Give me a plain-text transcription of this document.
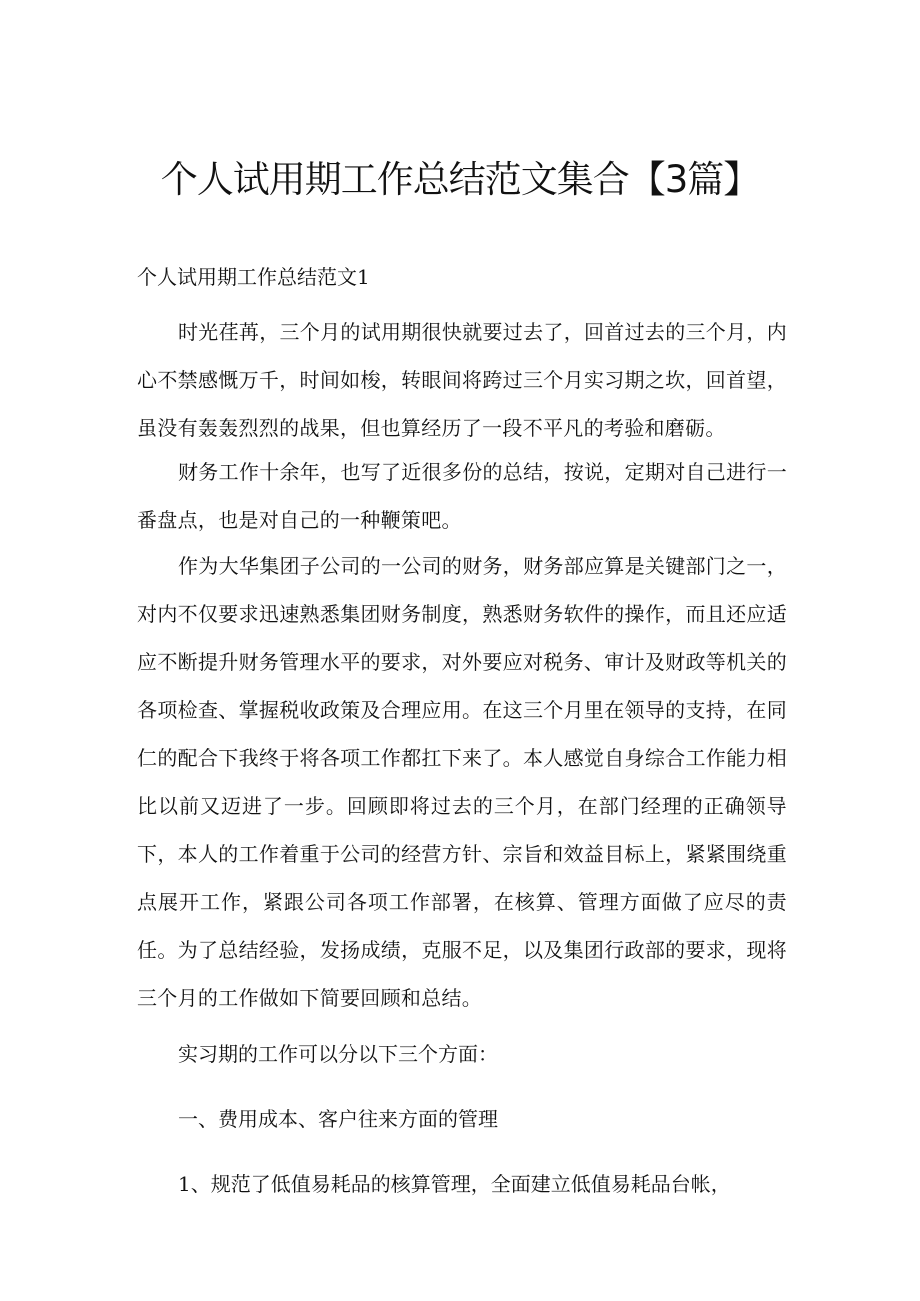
个人试用期工作总结范文集合【3篇】

个人试用期工作总结范文1

时光荏苒，三个月的试用期很快就要过去了，回首过去的三个月，内心不禁感慨万千，时间如梭，转眼间将跨过三个月实习期之坎，回首望，虽没有轰轰烈烈的战果，但也算经历了一段不平凡的考验和磨砺。

财务工作十余年，也写了近很多份的总结，按说，定期对自己进行一番盘点，也是对自己的一种鞭策吧。

作为大华集团子公司的一公司的财务，财务部应算是关键部门之一，对内不仅要求迅速熟悉集团财务制度，熟悉财务软件的操作，而且还应适应不断提升财务管理水平的要求，对外要应对税务、审计及财政等机关的各项检查、掌握税收政策及合理应用。在这三个月里在领导的支持，在同仁的配合下我终于将各项工作都扛下来了。本人感觉自身综合工作能力相比以前又迈进了一步。回顾即将过去的三个月，在部门经理的正确领导下，本人的工作着重于公司的经营方针、宗旨和效益目标上，紧紧围绕重点展开工作，紧跟公司各项工作部署，在核算、管理方面做了应尽的责任。为了总结经验，发扬成绩，克服不足，以及集团行政部的要求，现将三个月的工作做如下简要回顾和总结。

实习期的工作可以分以下三个方面：

一、费用成本、客户往来方面的管理

1、规范了低值易耗品的核算管理，全面建立低值易耗品台帐，
